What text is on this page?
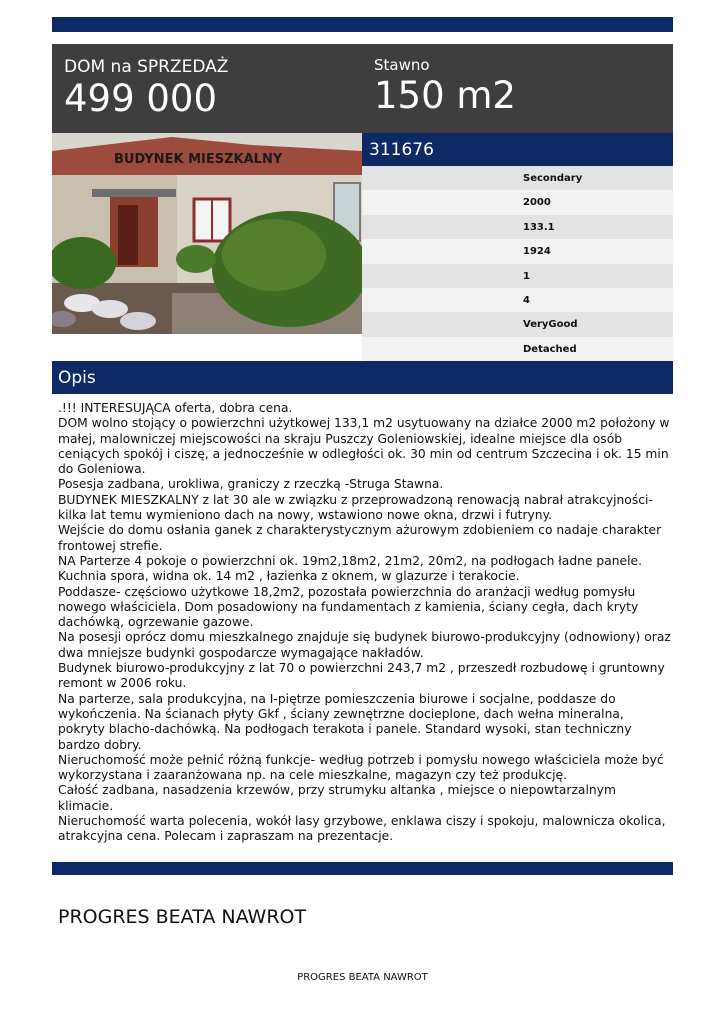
DOM na SPRZEDAŻ
499 000
Stawno
150 m2
BUDYNEK MIESZKALNY	311676
Secondary
2000
133.1
1924
1
4
VeryGood
Detached
Opis

.!!! INTERESUJĄCA oferta, dobra cena.

DOM wolno stojący o powierzchni użytkowej 133,1 m2 usytuowany na działce 2000 m2 położony w małej, malowniczej miejscowości na skraju Puszczy Goleniowskiej, idealne miejsce dla osób ceniących spokój i ciszę, a jednocześnie w odległości ok. 30 min od centrum Szczecina i ok. 15 min do Goleniowa.

Posesja zadbana, urokliwa, graniczy z rzeczką -Struga Stawna.

BUDYNEK MIESZKALNY z lat 30 ale w związku z przeprowadzoną renowacją nabrał atrakcyjności-kilka lat temu wymieniono dach na nowy, wstawiono nowe okna, drzwi i futryny.

Wejście do domu osłania ganek z charakterystycznym ażurowym zdobieniem co nadaje charakter frontowej strefie.

NA Parterze 4 pokoje o powierzchni ok. 19m2,18m2, 21m2, 20m2, na podłogach ładne panele.

Kuchnia spora, widna ok. 14 m2 , łazienka z oknem, w glazurze i terakocie.

Poddasze- częściowo użytkowe 18,2m2, pozostała powierzchnia do aranżacji według pomysłu nowego właściciela. Dom posadowiony na fundamentach z kamienia, ściany cegła, dach kryty dachówką, ogrzewanie gazowe.

Na posesji oprócz domu mieszkalnego znajduje się budynek biurowo-produkcyjny (odnowiony) oraz dwa mniejsze budynki gospodarcze wymagające nakładów.

Budynek biurowo-produkcyjny z lat 70 o powierzchni 243,7 m2 , przeszedł rozbudowę i gruntowny remont w 2006 roku.

Na parterze, sala produkcyjna, na I-piętrze pomieszczenia biurowe i socjalne, poddasze do wykończenia. Na ścianach płyty Gkf , ściany zewnętrzne docieplone, dach wełna mineralna, pokryty blacho-dachówką. Na podłogach terakota i panele. Standard wysoki, stan techniczny bardzo dobry.

Nieruchomość może pełnić różną funkcje- według potrzeb i pomysłu nowego właściciela może być wykorzystana i zaaranżowana np. na cele mieszkalne, magazyn czy też produkcję.

Całość zadbana, nasadzenia krzewów, przy strumyku altanka , miejsce o niepowtarzalnym klimacie.

Nieruchomość warta polecenia, wokół lasy grzybowe, enklawa ciszy i spokoju, malownicza okolica, atrakcyjna cena. Polecam i zapraszam na prezentacje.

PROGRES BEATA NAWROT
PROGRES BEATA NAWROT
